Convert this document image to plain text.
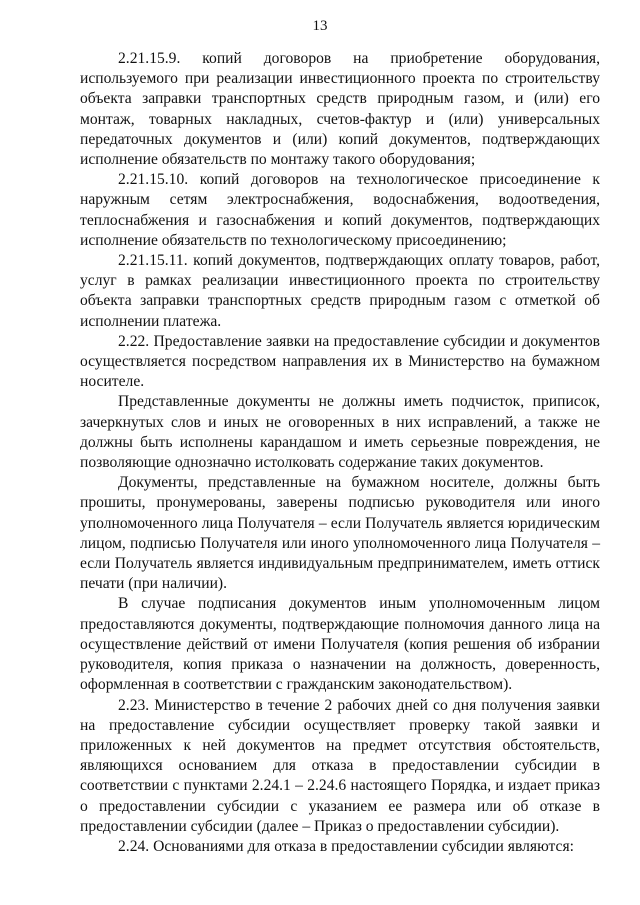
13

2.21.15.9. копий договоров на приобретение оборудования, используемого при реализации инвестиционного проекта по строительству объекта заправки транспортных средств природным газом, и (или) его монтаж, товарных накладных, счетов-фактур и (или) универсальных передаточных документов и (или) копий документов, подтверждающих исполнение обязательств по монтажу такого оборудования;

2.21.15.10. копий договоров на технологическое присоединение к наружным сетям электроснабжения, водоснабжения, водоотведения, теплоснабжения и газоснабжения и копий документов, подтверждающих исполнение обязательств по технологическому присоединению;

2.21.15.11. копий документов, подтверждающих оплату товаров, работ, услуг в рамках реализации инвестиционного проекта по строительству объекта заправки транспортных средств природным газом с отметкой об исполнении платежа.

2.22. Предоставление заявки на предоставление субсидии и документов осуществляется посредством направления их в Министерство на бумажном носителе.

Представленные документы не должны иметь подчисток, приписок, зачеркнутых слов и иных не оговоренных в них исправлений, а также не должны быть исполнены карандашом и иметь серьезные повреждения, не позволяющие однозначно истолковать содержание таких документов.

Документы, представленные на бумажном носителе, должны быть прошиты, пронумерованы, заверены подписью руководителя или иного уполномоченного лица Получателя – если Получатель является юридическим лицом, подписью Получателя или иного уполномоченного лица Получателя – если Получатель является индивидуальным предпринимателем, иметь оттиск печати (при наличии).

В случае подписания документов иным уполномоченным лицом предоставляются документы, подтверждающие полномочия данного лица на осуществление действий от имени Получателя (копия решения об избрании руководителя, копия приказа о назначении на должность, доверенность, оформленная в соответствии с гражданским законодательством).

2.23. Министерство в течение 2 рабочих дней со дня получения заявки на предоставление субсидии осуществляет проверку такой заявки и приложенных к ней документов на предмет отсутствия обстоятельств, являющихся основанием для отказа в предоставлении субсидии в соответствии с пунктами 2.24.1 – 2.24.6 настоящего Порядка, и издает приказ о предоставлении субсидии с указанием ее размера или об отказе в предоставлении субсидии (далее – Приказ о предоставлении субсидии).

2.24. Основаниями для отказа в предоставлении субсидии являются:
